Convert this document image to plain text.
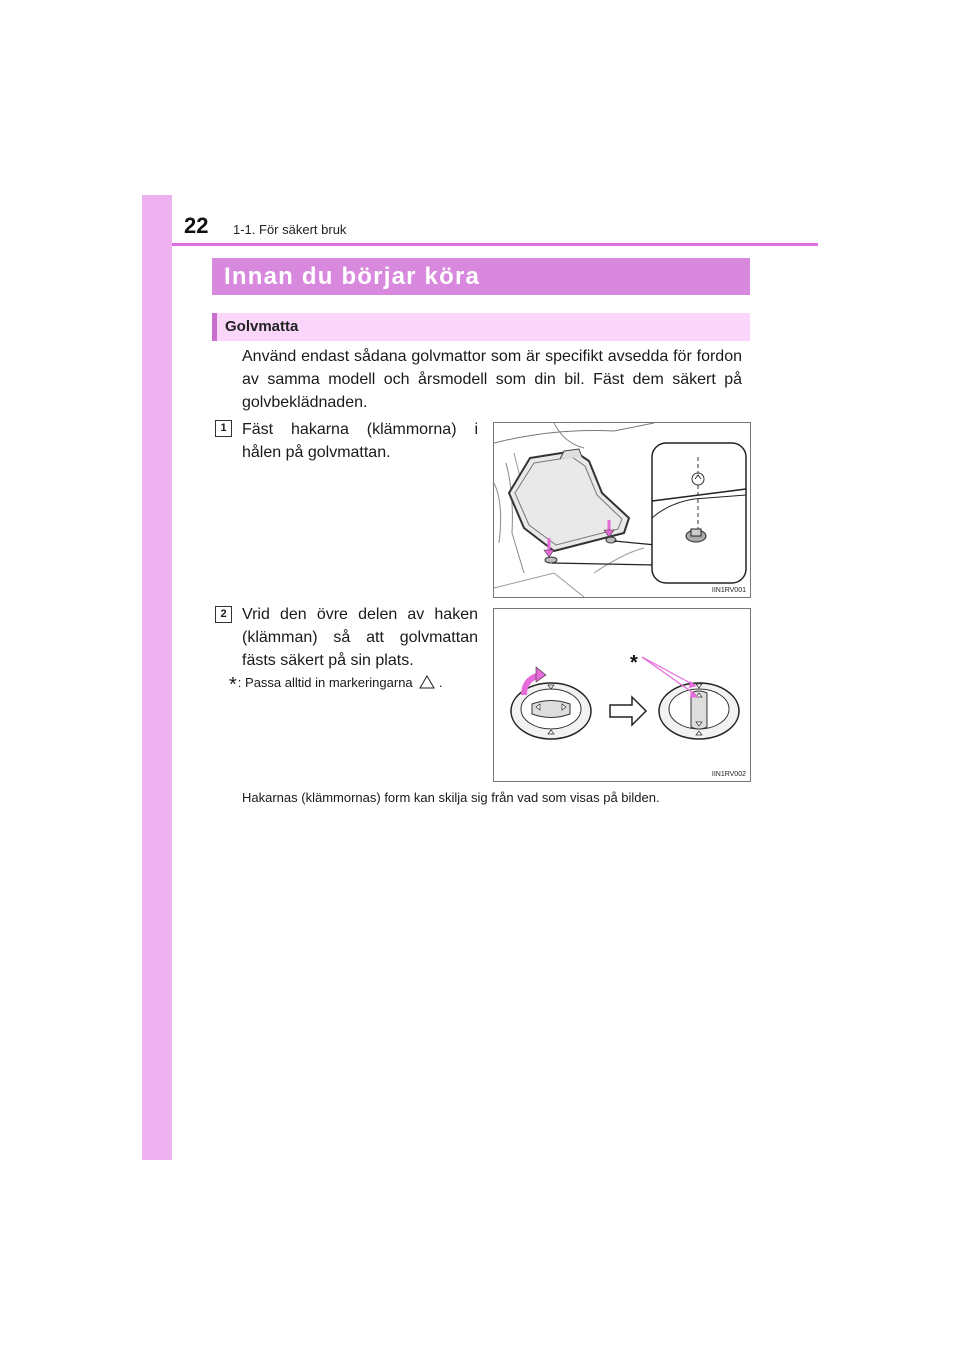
22 1-1. För säkert bruk
Innan du börjar köra
Golvmatta

Använd endast sådana golvmattor som är specifikt avsedda för fordon av samma modell och årsmodell som din bil. Fäst dem säkert på golvbeklädnaden.

1 Fäst hakarna (klämmorna) i hålen på golvmattan.

IIN1RV001
2 Vrid den övre delen av haken (klämman) så att golvmattan fästs säkert på sin plats.

*: Passa alltid in markeringarna .
*
IIN1RV002
Hakarnas (klämmornas) form kan skilja sig från vad som visas på bilden.
